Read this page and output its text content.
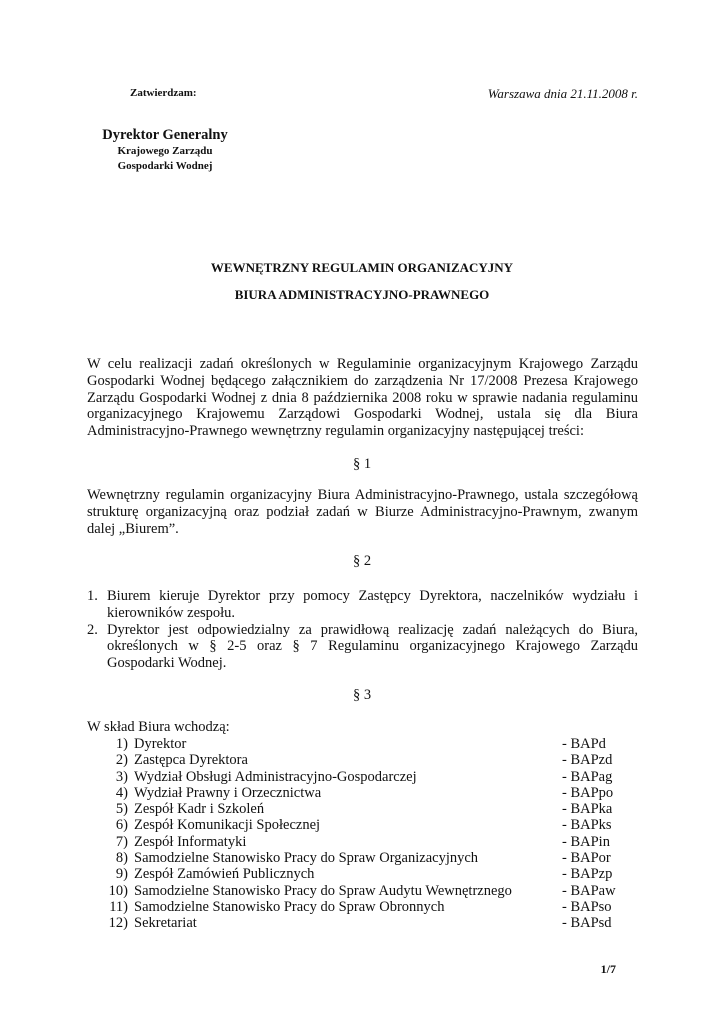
Zatwierdzam:	Warszawa dnia 21.11.2008 r.
Dyrektor Generalny
Krajowego Zarządu
Gospodarki Wodnej
WEWNĘTRZNY REGULAMIN ORGANIZACYJNY
BIURA ADMINISTRACYJNO-PRAWNEGO
W celu realizacji zadań określonych w Regulaminie organizacyjnym Krajowego Zarządu Gospodarki Wodnej będącego załącznikiem do zarządzenia Nr 17/2008 Prezesa Krajowego Zarządu Gospodarki Wodnej z dnia 8 października 2008 roku w sprawie nadania regulaminu organizacyjnego Krajowemu Zarządowi Gospodarki Wodnej, ustala się dla Biura Administracyjno-Prawnego wewnętrzny regulamin organizacyjny następującej treści:
§ 1
Wewnętrzny regulamin organizacyjny Biura Administracyjno-Prawnego, ustala szczegółową strukturę organizacyjną oraz podział zadań w Biurze Administracyjno-Prawnym, zwanym dalej „Biurem”.
§ 2
1. Biurem kieruje Dyrektor przy pomocy Zastępcy Dyrektora, naczelników wydziału i kierowników zespołu.
2. Dyrektor jest odpowiedzialny za prawidłową realizację zadań należących do Biura, określonych w § 2-5 oraz § 7 Regulaminu organizacyjnego Krajowego Zarządu Gospodarki Wodnej.
§ 3
W skład Biura wchodzą:
1) Dyrektor	- BAPd
2) Zastępca Dyrektora	- BAPzd
3) Wydział Obsługi Administracyjno-Gospodarczej	- BAPag
4) Wydział Prawny i Orzecznictwa	- BAPpo
5) Zespół Kadr i Szkoleń	- BAPka
6) Zespół Komunikacji Społecznej	- BAPks
7) Zespół Informatyki	- BAPin
8) Samodzielne Stanowisko Pracy do Spraw Organizacyjnych	- BAPor
9) Zespół Zamówień Publicznych	- BAPzp
10) Samodzielne Stanowisko Pracy do Spraw Audytu Wewnętrznego	- BAPaw
11) Samodzielne Stanowisko Pracy do Spraw Obronnych	- BAPso
12) Sekretariat	- BAPsd
1/7
